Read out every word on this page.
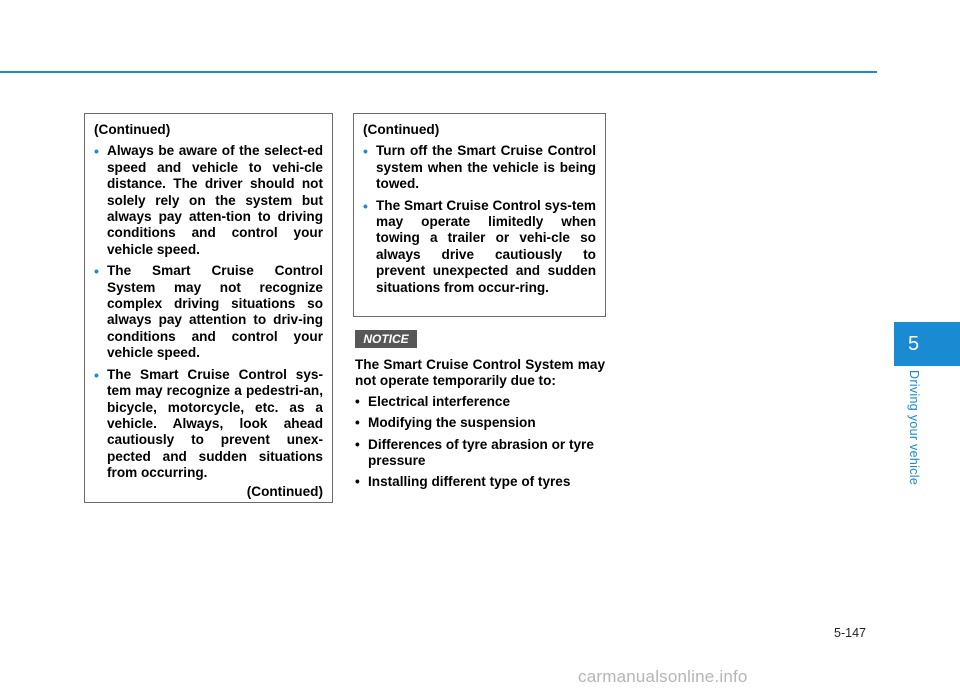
(Continued)
• Always be aware of the select-ed speed and vehicle to vehi-cle distance. The driver should not solely rely on the system but always pay atten-tion to driving conditions and control your vehicle speed.
• The Smart Cruise Control System may not recognize complex driving situations so always pay attention to driv-ing conditions and control your vehicle speed.
• The Smart Cruise Control sys-tem may recognize a pedestri-an, bicycle, motorcycle, etc. as a vehicle. Always, look ahead cautiously to prevent unex-pected and sudden situations from occurring.
(Continued)
(Continued)
• Turn off the Smart Cruise Control system when the vehicle is being towed.
• The Smart Cruise Control sys-tem may operate limitedly when towing a trailer or vehi-cle so always drive cautiously to prevent unexpected and sudden situations from occur-ring.
NOTICE
The Smart Cruise Control System may not operate temporarily due to:
• Electrical interference
• Modifying the suspension
• Differences of tyre abrasion or tyre pressure
• Installing different type of tyres
5
Driving your vehicle
5-147
carmanualsonline.info
